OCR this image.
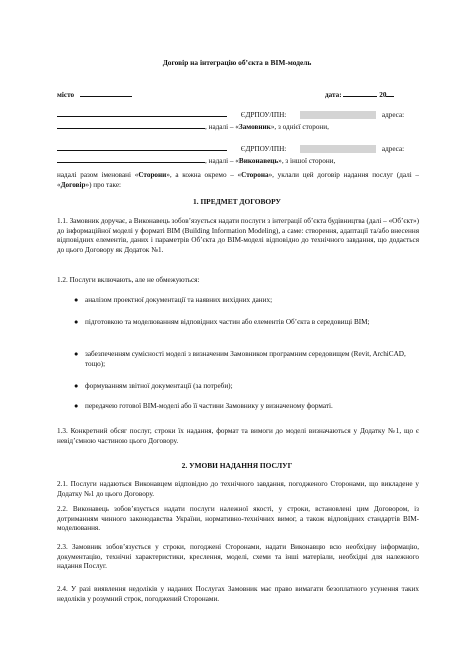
Договір на інтеграцію об’єкта в BIM-модель
місто	дата:	20
ЄДРПОУ/ІПН:	адреса:
, надалі – «Замовник», з однієї сторони,
ЄДРПОУ/ІПН:	адреса:
, надалі – «Виконавець», з іншої сторони,
надалі разом іменовані «Сторони», а кожна окремо – «Сторона», уклали цей договір надання послуг (далі – «Договір») про таке:
1. ПРЕДМЕТ ДОГОВОРУ
1.1. Замовник доручає, а Виконавець зобов’язується надати послуги з інтеграції об’єкта будівництва (далі – «Об’єкт») до інформаційної моделі у форматі BIM (Building Information Modeling), а саме: створення, адаптації та/або внесення відповідних елементів, даних і параметрів Об’єкта до BIM-моделі відповідно до технічного завдання, що додається до цього Договору як Додаток №1.
1.2. Послуги включають, але не обмежуються:
● аналізом проектної документації та наявних вихідних даних;
● підготовкою та моделюванням відповідних частин або елементів Об’єкта в середовищі BIM;
● забезпеченням сумісності моделі з визначеним Замовником програмним середовищем (Revit, ArchiCAD, тощо);
● формуванням звітної документації (за потреби);
● передачею готової BIM-моделі або її частини Замовнику у визначеному форматі.
1.3. Конкретний обсяг послуг, строки їх надання, формат та вимоги до моделі визначаються у Додатку №1, що є невід’ємною частиною цього Договору.
2. УМОВИ НАДАННЯ ПОСЛУГ
2.1. Послуги надаються Виконавцем відповідно до технічного завдання, погодженого Сторонами, що викладене у Додатку №1 до цього Договору.
2.2. Виконавець зобов’язується надати послуги належної якості, у строки, встановлені цим Договором, із дотриманням чинного законодавства України, нормативно-технічних вимог, а також відповідних стандартів BIM-моделювання.
2.3. Замовник зобов’язується у строки, погоджені Сторонами, надати Виконавцю всю необхідну інформацію, документацію, технічні характеристики, креслення, моделі, схеми та інші матеріали, необхідні для належного надання Послуг.
2.4. У разі виявлення недоліків у наданих Послугах Замовник має право вимагати безоплатного усунення таких недоліків у розумний строк, погоджений Сторонами.
